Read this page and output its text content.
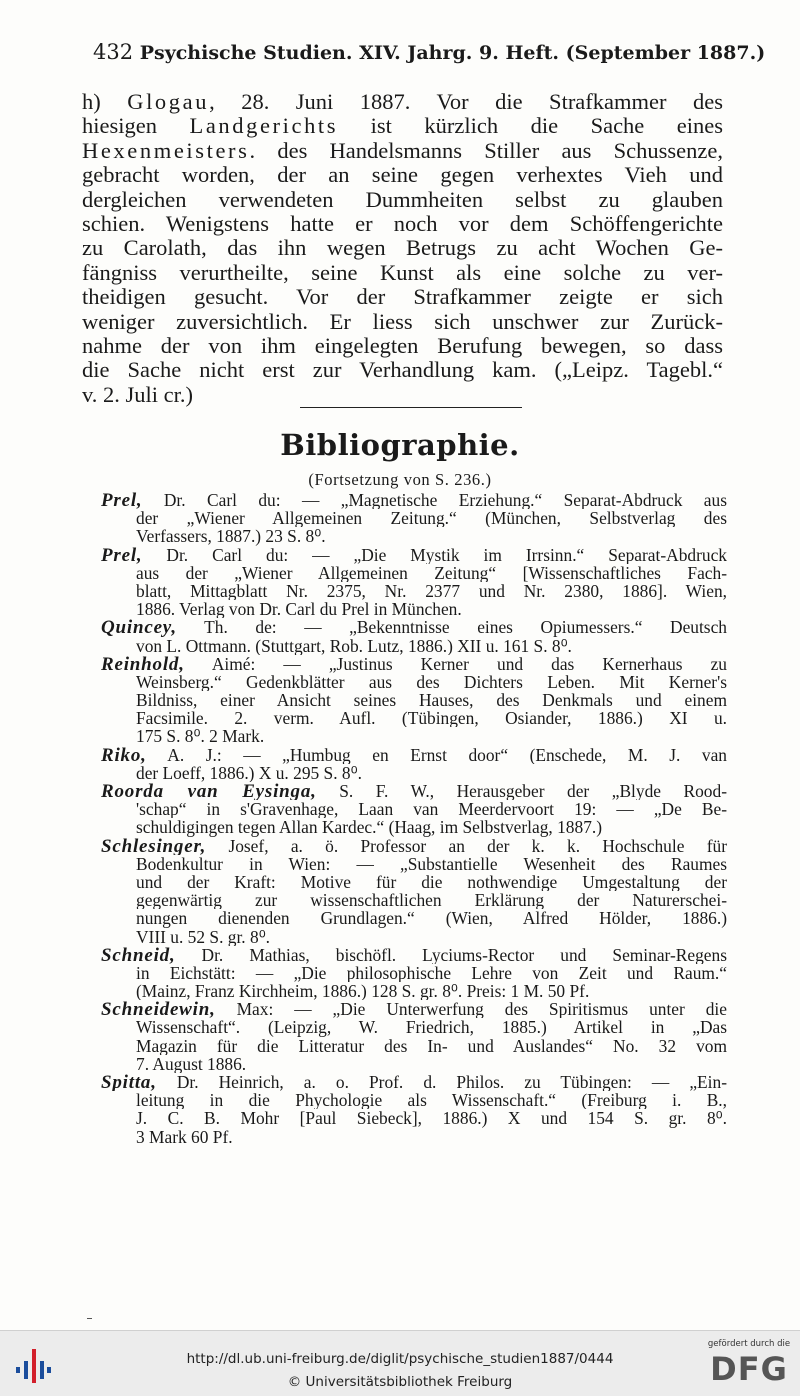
432 Psychische Studien. XIV. Jahrg. 9. Heft. (September 1887.)
h) Glogau, 28. Juni 1887. Vor die Strafkammer des
hiesigen Landgerichts ist kürzlich die Sache eines
Hexenmeisters. des Handelsmanns Stiller aus Schussenze,
gebracht worden, der an seine gegen verhextes Vieh und
dergleichen verwendeten Dummheiten selbst zu glauben
schien. Wenigstens hatte er noch vor dem Schöffengerichte
zu Carolath, das ihn wegen Betrugs zu acht Wochen Ge-
fängniss verurtheilte, seine Kunst als eine solche zu ver-
theidigen gesucht. Vor der Strafkammer zeigte er sich
weniger zuversichtlich. Er liess sich unschwer zur Zurück-
nahme der von ihm eingelegten Berufung bewegen, so dass
die Sache nicht erst zur Verhandlung kam. („Leipz. Tagebl.“
v. 2. Juli cr.)
Bibliographie.
(Fortsetzung von S. 236.)
Prel, Dr. Carl du: — „Magnetische Erziehung.“ Separat-Abdruck aus
der „Wiener Allgemeinen Zeitung.“ (München, Selbstverlag des
Verfassers, 1887.) 23 S. 8⁰.
Prel, Dr. Carl du: — „Die Mystik im Irrsinn.“ Separat-Abdruck
aus der „Wiener Allgemeinen Zeitung“ [Wissenschaftliches Fach-
blatt, Mittagblatt Nr. 2375, Nr. 2377 und Nr. 2380, 1886]. Wien,
1886. Verlag von Dr. Carl du Prel in München.
Quincey, Th. de: — „Bekenntnisse eines Opiumessers.“ Deutsch
von L. Ottmann. (Stuttgart, Rob. Lutz, 1886.) XII u. 161 S. 8⁰.
Reinhold, Aimé: — „Justinus Kerner und das Kernerhaus zu
Weinsberg.“ Gedenkblätter aus des Dichters Leben. Mit Kerner's
Bildniss, einer Ansicht seines Hauses, des Denkmals und einem
Facsimile. 2. verm. Aufl. (Tübingen, Osiander, 1886.) XI u.
175 S. 8⁰. 2 Mark.
Riko, A. J.: — „Humbug en Ernst door“ (Enschede, M. J. van
der Loeff, 1886.) X u. 295 S. 8⁰.
Roorda van Eysinga, S. F. W., Herausgeber der „Blyde Rood-
'schap“ in s'Gravenhage, Laan van Meerdervoort 19: — „De Be-
schuldigingen tegen Allan Kardec.“ (Haag, im Selbstverlag, 1887.)
Schlesinger, Josef, a. ö. Professor an der k. k. Hochschule für
Bodenkultur in Wien: — „Substantielle Wesenheit des Raumes
und der Kraft: Motive für die nothwendige Umgestaltung der
gegenwärtig zur wissenschaftlichen Erklärung der Naturerschei-
nungen dienenden Grundlagen.“ (Wien, Alfred Hölder, 1886.)
VIII u. 52 S. gr. 8⁰.
Schneid, Dr. Mathias, bischöfl. Lyciums-Rector und Seminar-Regens
in Eichstätt: — „Die philosophische Lehre von Zeit und Raum.“
(Mainz, Franz Kirchheim, 1886.) 128 S. gr. 8⁰. Preis: 1 M. 50 Pf.
Schneidewin, Max: — „Die Unterwerfung des Spiritismus unter die
Wissenschaft“. (Leipzig, W. Friedrich, 1885.) Artikel in „Das
Magazin für die Litteratur des In- und Auslandes“ No. 32 vom
7. August 1886.
Spitta, Dr. Heinrich, a. o. Prof. d. Philos. zu Tübingen: — „Ein-
leitung in die Phychologie als Wissenschaft.“ (Freiburg i. B.,
J. C. B. Mohr [Paul Siebeck], 1886.) X und 154 S. gr. 8⁰.
3 Mark 60 Pf.
http://dl.ub.uni-freiburg.de/diglit/psychische_studien1887/0444
© Universitätsbibliothek Freiburg
gefördert durch die
DFG
